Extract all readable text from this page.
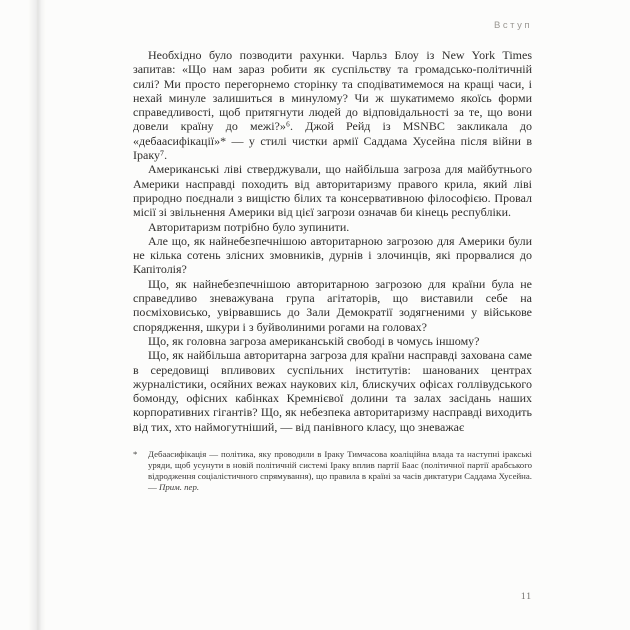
Вступ

Необхідно було позводити рахунки. Чарльз Блоу із New York Times запитав: «Що нам зараз робити як суспільству та громадсько-політичній силі? Ми просто перегорнемо сторінку та сподіватимемося на кращі часи, і нехай минуле залишиться в минулому? Чи ж шукатимемо якоїсь форми справедливості, щоб притягнути людей до відповідальності за те, що вони довели країну до межі?»⁶. Джой Рейд із MSNBC закликала до «дебаасифікації»* — у стилі чистки армії Саддама Хусейна після війни в Іраку⁷.

Американські ліві стверджували, що найбільша загроза для майбутнього Америки насправді походить від авторитаризму правого крила, який ліві природно поєднали з вищістю білих та консервативною філософією. Провал місії зі звільнення Америки від цієї загрози означав би кінець республіки.

Авторитаризм потрібно було зупинити.

Але що, як найнебезпечнішою авторитарною загрозою для Америки були не кілька сотень злісних змовників, дурнів і злочинців, які прорвалися до Капітолія?

Що, як найнебезпечнішою авторитарною загрозою для країни була не справедливо зневажувана група агітаторів, що виставили себе на посміховисько, увірвавшись до Зали Демократії зодягненими у військове спорядження, шкури і з буйволиними рогами на головах?

Що, як головна загроза американській свободі в чомусь іншому?

Що, як найбільша авторитарна загроза для країни насправді захована саме в середовищі впливових суспільних інститутів: шанованих центрах журналістики, осяйних вежах наукових кіл, блискучих офісах голлівудського бомонду, офісних кабінках Кремнієвої долини та залах засідань наших корпоративних гігантів? Що, як небезпека авторитаризму насправді виходить від тих, хто наймогутніший, — від панівного класу, що зневажає

*	Дебаасифікація — політика, яку проводили в Іраку Тимчасова коаліційна влада та наступні іракські уряди, щоб усунути в новій політичній системі Іраку вплив партії Баас (політичної партії арабського відродження соціалістичного спрямування), що правила в країні за часів диктатури Саддама Хусейна. — Прим. пер.
11
